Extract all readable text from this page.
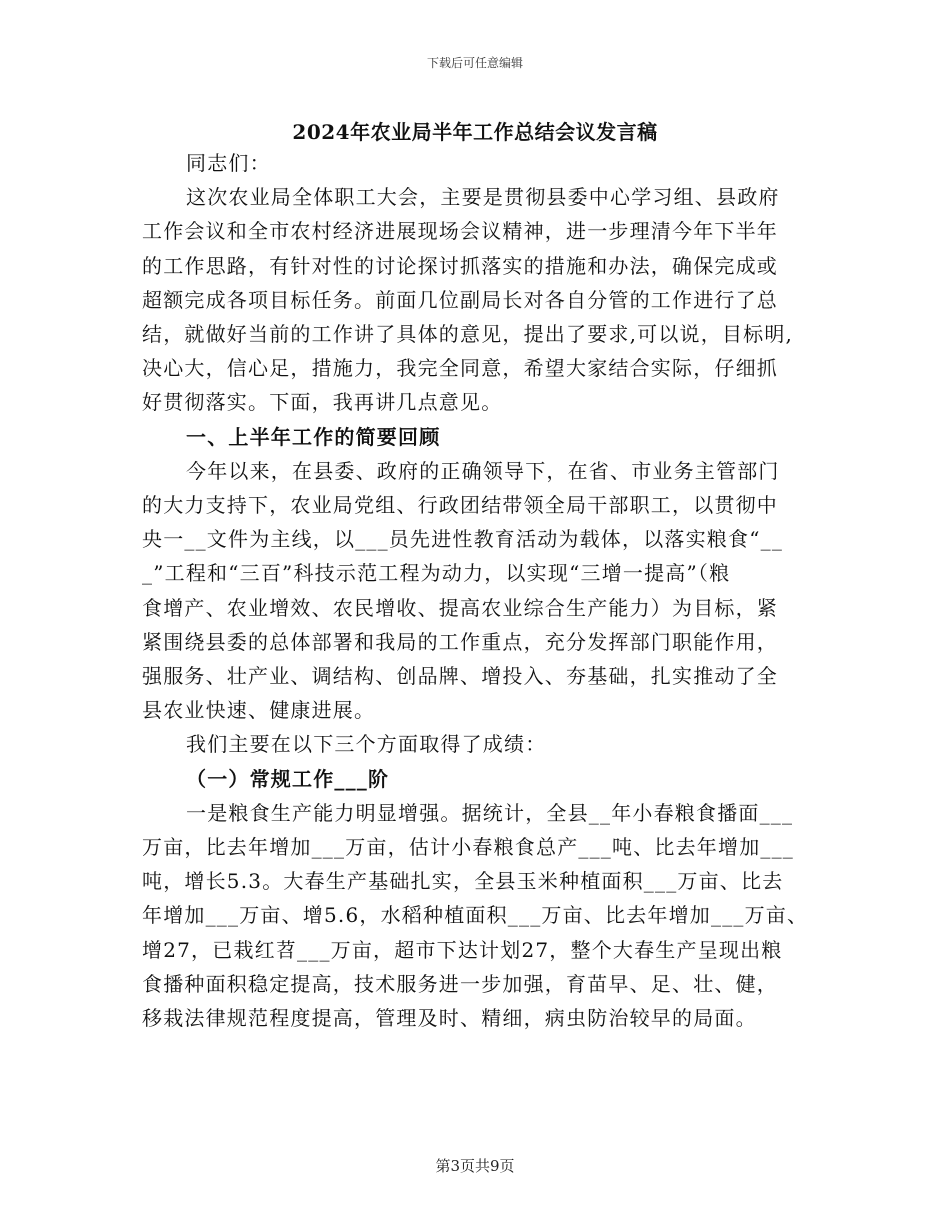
下载后可任意编辑
2024年农业局半年工作总结会议发言稿
同志们：
这次农业局全体职工大会，主要是贯彻县委中心学习组、县政府
工作会议和全市农村经济进展现场会议精神，进一步理清今年下半年
的工作思路，有针对性的讨论探讨抓落实的措施和办法，确保完成或
超额完成各项目标任务。前面几位副局长对各自分管的工作进行了总
结，就做好当前的工作讲了具体的意见，提出了要求,可以说，目标明,
决心大，信心足，措施力，我完全同意，希望大家结合实际，仔细抓
好贯彻落实。下面，我再讲几点意见。
一、上半年工作的简要回顾
今年以来，在县委、政府的正确领导下，在省、市业务主管部门
的大力支持下，农业局党组、行政团结带领全局干部职工，以贯彻中
央一__文件为主线，以___员先进性教育活动为载体，以落实粮食“__
_”工程和“三百”科技示范工程为动力，以实现“三增一提高”（粮
食增产、农业增效、农民增收、提高农业综合生产能力）为目标，紧
紧围绕县委的总体部署和我局的工作重点，充分发挥部门职能作用，
强服务、壮产业、调结构、创品牌、增投入、夯基础，扎实推动了全
县农业快速、健康进展。
我们主要在以下三个方面取得了成绩：
（一）常规工作___阶
一是粮食生产能力明显增强。据统计，全县__年小春粮食播面___
万亩，比去年增加___万亩，估计小春粮食总产___吨、比去年增加___
吨，增长5.3。大春生产基础扎实，全县玉米种植面积___万亩、比去
年增加___万亩、增5.6，水稻种植面积___万亩、比去年增加___万亩、
增27，已栽红苕___万亩，超市下达计划27，整个大春生产呈现出粮
食播种面积稳定提高，技术服务进一步加强，育苗早、足、壮、健，
移栽法律规范程度提高，管理及时、精细，病虫防治较早的局面。
第3页共9页
